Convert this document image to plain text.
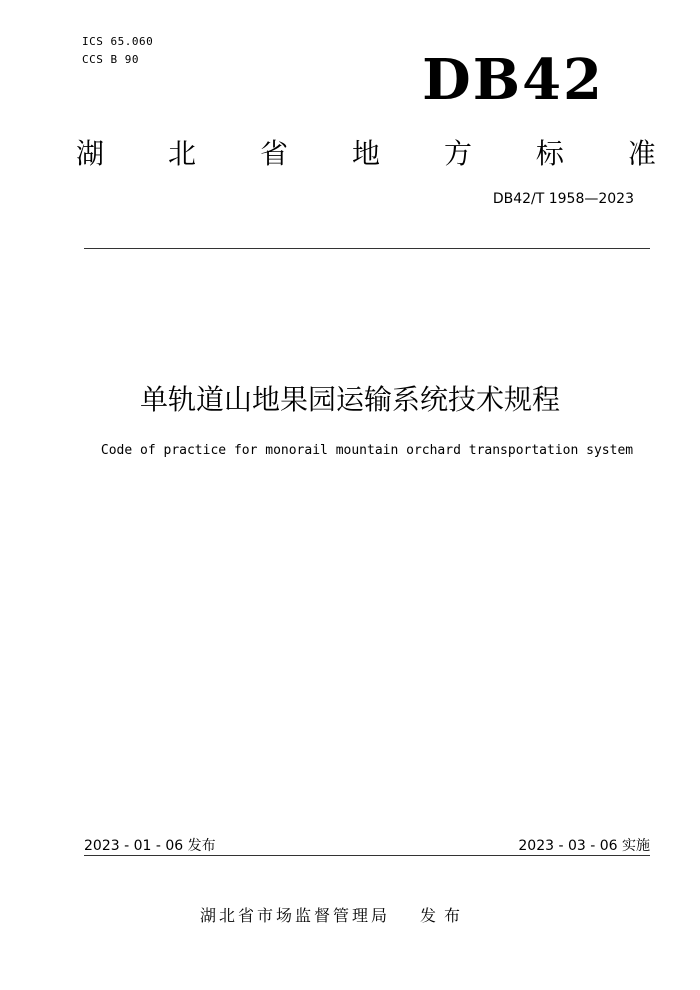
ICS 65.060
CCS B 90	DB42
湖 北 省 地 方 标 准
DB42/T 1958—2023
单轨道山地果园运输系统技术规程
Code of practice for monorail mountain orchard transportation system
2023 - 01 - 06 发布	2023 - 03 - 06 实施
湖北省市场监督管理局 发布
